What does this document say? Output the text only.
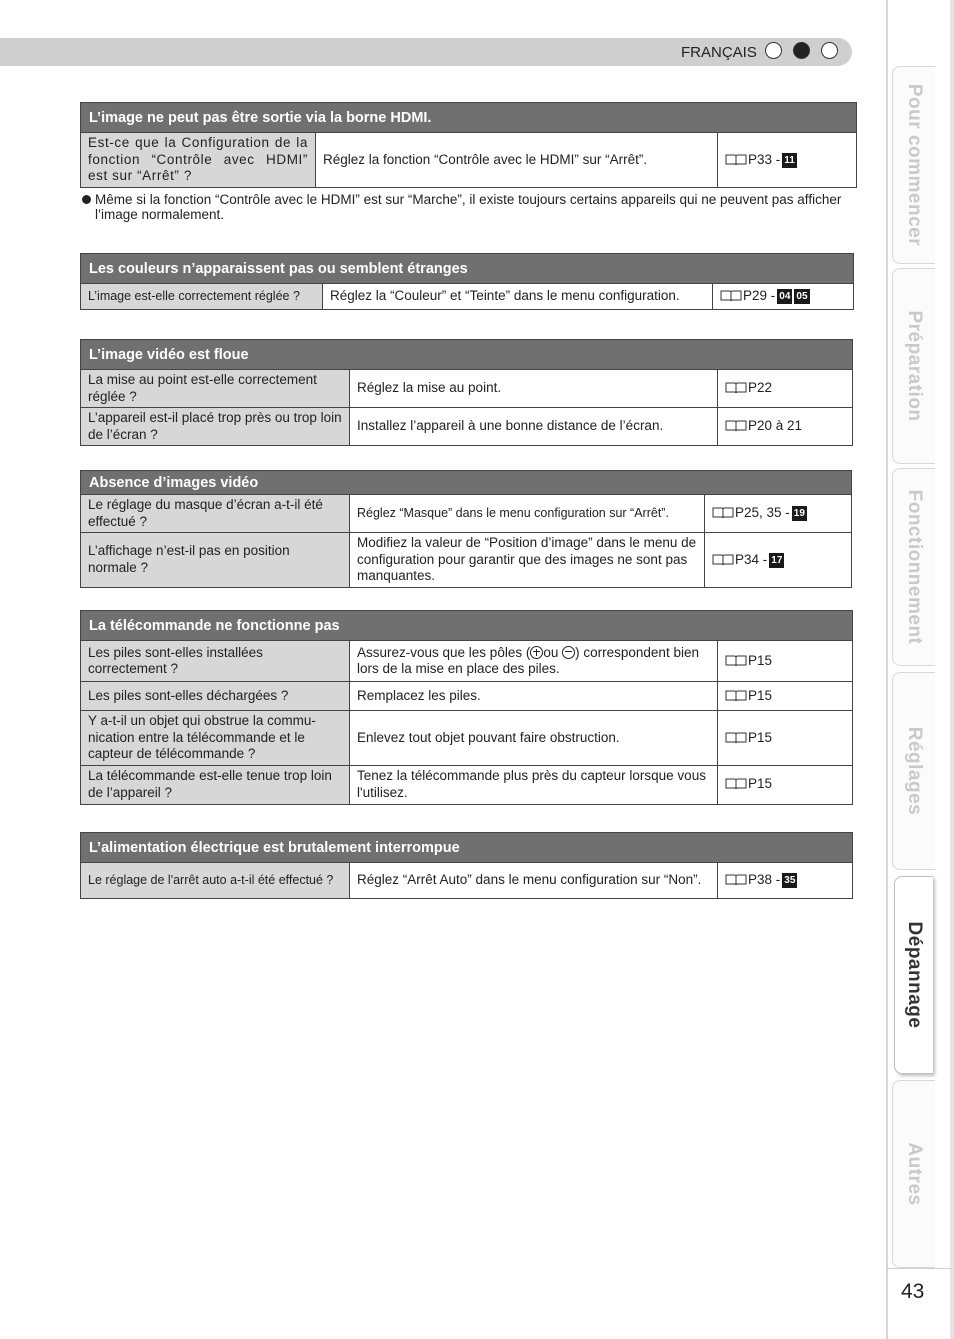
FRANÇAIS
Pour commencer
Préparation
Fonctionnement
Réglages
Dépannage
Autres
43
L’image ne peut pas être sortie via la borne HDMI.
Est-ce que la Configuration de la fonction “Contrôle avec HDMI” est sur “Arrêt” ?	Réglez la fonction “Contrôle avec le HDMI” sur “Arrêt”.	P33 - 11
Même si la fonction “Contrôle avec le HDMI” est sur “Marche”, il existe toujours certains appareils qui ne peuvent pas afficher l’image normalement.
Les couleurs n’apparaissent pas ou semblent étranges
L’image est-elle correctement réglée ?	Réglez la “Couleur” et “Teinte” dans le menu configuration.	P29 - 04 05
L’image vidéo est floue		
La mise au point est-elle correctement réglée ?	Réglez la mise au point.	P22
L’appareil est-il placé trop près ou trop loin de l’écran ?	Installez l’appareil à une bonne distance de l’écran.	P20 à 21
Absence d’images vidéo		
Le réglage du masque d’écran a-t-il été effectué ?	Réglez “Masque” dans le menu configuration sur “Arrêt”.	P25, 35 - 19
L’affichage n’est-il pas en position normale ?	Modifiez la valeur de “Position d’image” dans le menu de configuration pour garantir que des images ne sont pas manquantes.	P34 - 17
La télécommande ne fonctionne pas		
Les piles sont-elles installées correctement ?	Assurez-vous que les pôles ( ou ) correspondent bien lors de la mise en place des piles.	P15
Les piles sont-elles déchargées ?	Remplacez les piles.	P15
Y a-t-il un objet qui obstrue la commu- nication entre la télécommande et le capteur de télécommande ?	Enlevez tout objet pouvant faire obstruction.	P15
La télécommande est-elle tenue trop loin de l’appareil ?	Tenez la télécommande plus près du capteur lorsque vous l'utilisez.	P15
L’alimentation électrique est brutalement interrompue
Le réglage de l'arrêt auto a-t-il été effectué ?	Réglez “Arrêt Auto” dans le menu configuration sur “Non”.	P38 - 35
